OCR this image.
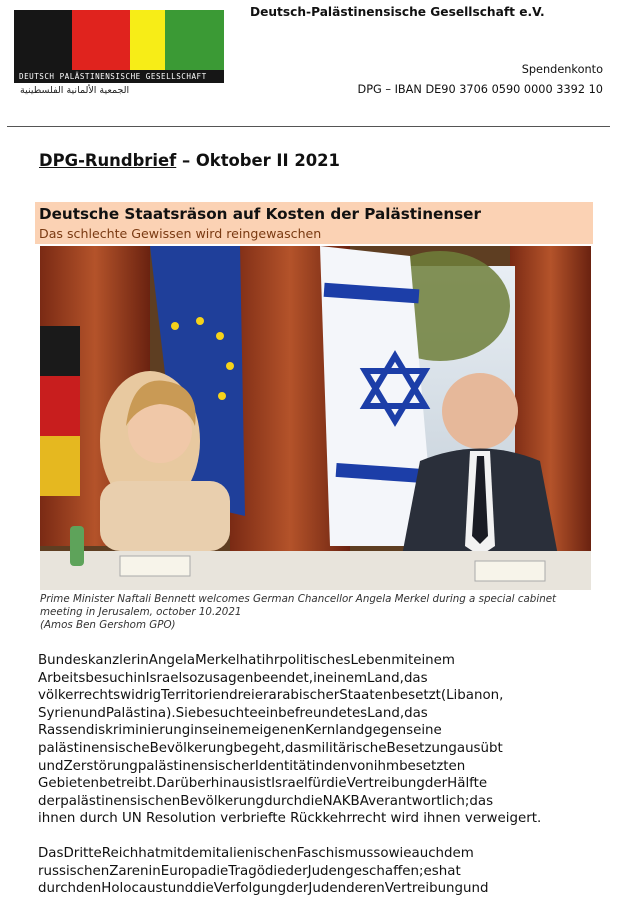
DEUTSCH PALÄSTINENSISCHE GESELLSCHAFT
الجمعية الألمانية الفلسطينية
Deutsch-Palästinensische Gesellschaft e.V.
Spendenkonto
DPG – IBAN DE90 3706 0590 0000 3392 10
DPG-Rundbrief – Oktober II 2021
Deutsche Staatsräson auf Kosten der Palästinenser
Das schlechte Gewissen wird reingewaschen
Prime Minister Naftali Bennett welcomes German Chancellor Angela Merkel during a special cabinet
meeting in Jerusalem, october 10.2021
(Amos Ben Gershom GPO)

BundeskanzlerinAngelaMerkelhatihrpolitischesLebenmiteinem
ArbeitsbesuchinIsraelsozusagenbeendet,ineinemLand,das
völkerrechtswidrigTerritoriendreierarabischerStaatenbesetzt(Libanon,
SyrienundPalästina).SiebesuchteeinbefreundetesLand,das
RassendiskriminierunginseinemeigenenKernlandgegenseine
palästinensischeBevölkerungbegeht,dasmilitärischeBesetzungausübt
undZerstörungpalästinensischerIdentitätindenvonihmbesetzten
Gebietenbetreibt.DarüberhinausistIsraelfürdieVertreibungderHälfte
derpalästinensischenBevölkerungdurchdieNAKBAverantwortlich;das
ihnen durch UN Resolution verbriefte Rückkehrrecht wird ihnen verweigert.

DasDritteReichhatmitdemitalienischenFaschismussowieauchdem
russischenZareninEuropadieTragödiederJudengeschaffen;eshat
durchdenHolocaustunddieVerfolgungderJudenderenVertreibungund
